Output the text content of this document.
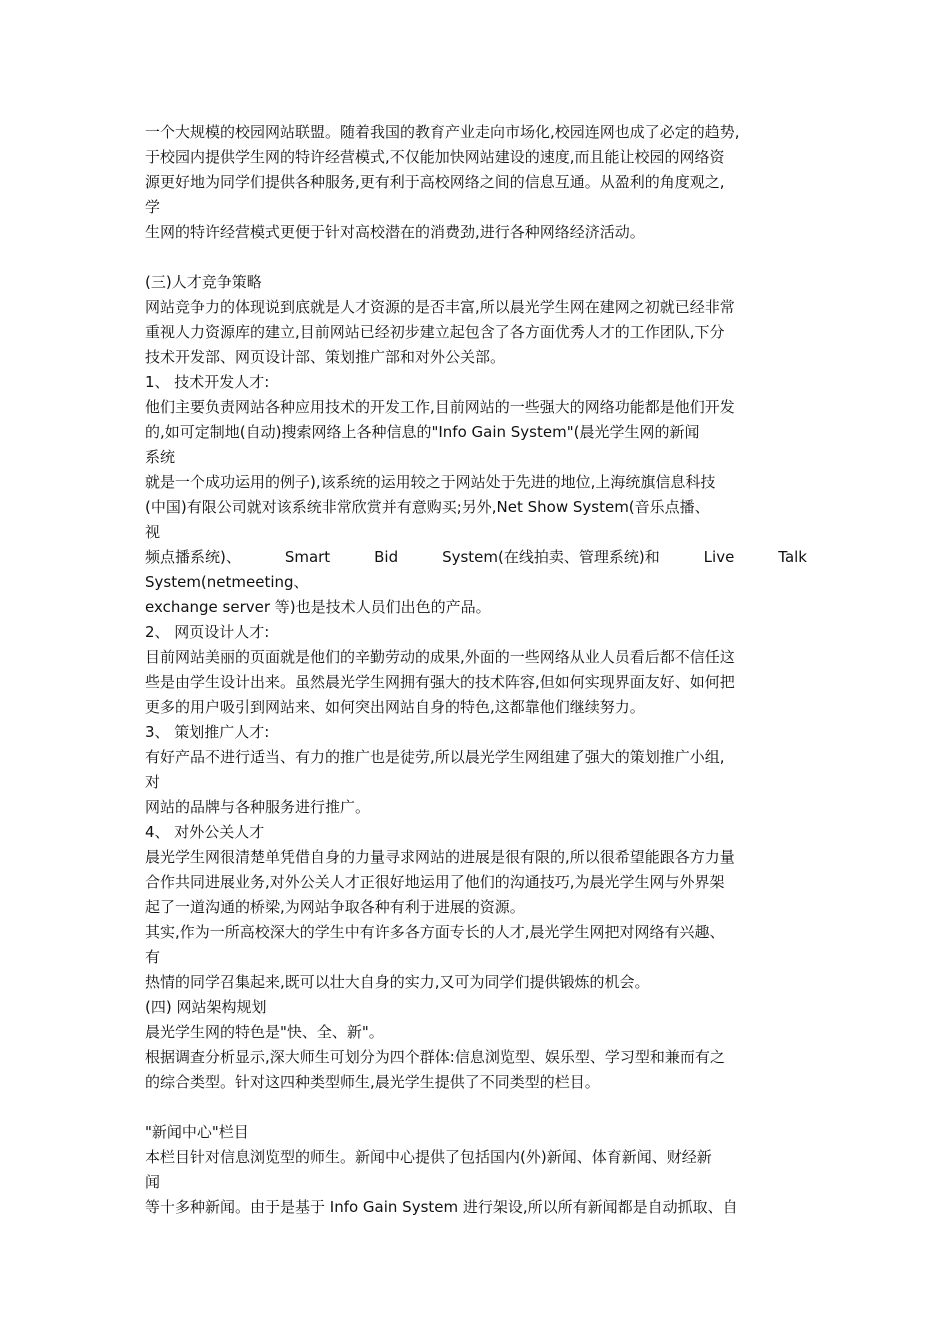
一个大规模的校园网站联盟。随着我国的教育产业走向市场化,校园连网也成了必定的趋势,
于校园内提供学生网的特许经营模式,不仅能加快网站建设的速度,而且能让校园的网络资
源更好地为同学们提供各种服务,更有利于高校网络之间的信息互通。从盈利的角度观之,
学
生网的特许经营模式更便于针对高校潜在的消费劲,进行各种网络经济活动。
(三)人才竞争策略
网站竞争力的体现说到底就是人才资源的是否丰富,所以晨光学生网在建网之初就已经非常
重视人力资源库的建立,目前网站已经初步建立起包含了各方面优秀人才的工作团队,下分
技术开发部、网页设计部、策划推广部和对外公关部。
1、 技术开发人才:
他们主要负责网站各种应用技术的开发工作,目前网站的一些强大的网络功能都是他们开发
的,如可定制地(自动)搜索网络上各种信息的"Info Gain System"(晨光学生网的新闻
系统
就是一个成功运用的例子),该系统的运用较之于网站处于先进的地位,上海统旗信息科技
(中国)有限公司就对该系统非常欣赏并有意购买;另外,Net Show System(音乐点播、
视
频点播系统)、	Smart	Bid	System(在线拍卖、管理系统)和	Live	Talk
System(netmeeting、
exchange server 等)也是技术人员们出色的产品。
2、 网页设计人才:
目前网站美丽的页面就是他们的辛勤劳动的成果,外面的一些网络从业人员看后都不信任这
些是由学生设计出来。虽然晨光学生网拥有强大的技术阵容,但如何实现界面友好、如何把
更多的用户吸引到网站来、如何突出网站自身的特色,这都靠他们继续努力。
3、 策划推广人才:
有好产品不进行适当、有力的推广也是徒劳,所以晨光学生网组建了强大的策划推广小组,
对
网站的品牌与各种服务进行推广。
4、 对外公关人才
晨光学生网很清楚单凭借自身的力量寻求网站的进展是很有限的,所以很希望能跟各方力量
合作共同进展业务,对外公关人才正很好地运用了他们的沟通技巧,为晨光学生网与外界架
起了一道沟通的桥梁,为网站争取各种有利于进展的资源。
其实,作为一所高校深大的学生中有许多各方面专长的人才,晨光学生网把对网络有兴趣、
有
热情的同学召集起来,既可以壮大自身的实力,又可为同学们提供锻炼的机会。
(四) 网站架构规划
晨光学生网的特色是"快、全、新"。
根据调查分析显示,深大师生可划分为四个群体:信息浏览型、娱乐型、学习型和兼而有之
的综合类型。针对这四种类型师生,晨光学生提供了不同类型的栏目。
"新闻中心"栏目
本栏目针对信息浏览型的师生。新闻中心提供了包括国内(外)新闻、体育新闻、财经新
闻
等十多种新闻。由于是基于 Info Gain System 进行架设,所以所有新闻都是自动抓取、自
